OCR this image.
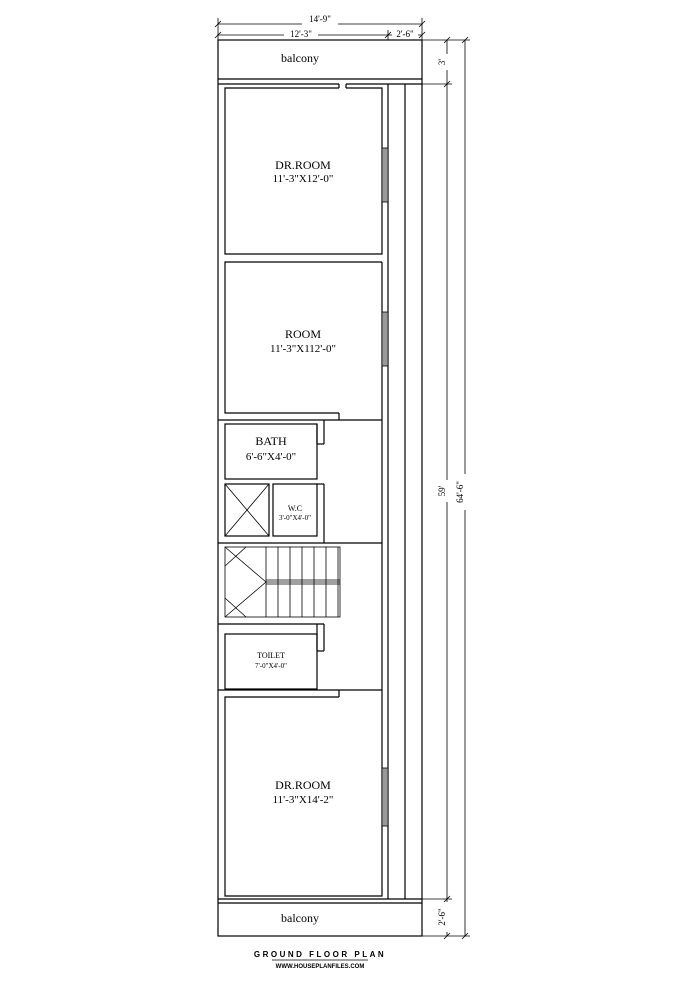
14'-9"
12'-3"	2'-6"
3'
59' 64'-6"
2'-6"
balcony
DR.ROOM
11'-3"X12'-0"
ROOM
11'-3"X112'-0"
BATH
6'-6"X4'-0"
W.C
3'-0"X4'-0"
TOILET
7'-0"X4'-0"
DR.ROOM
11'-3"X14'-2"
balcony
GROUND FLOOR PLAN
WWW.HOUSEPLANFILES.COM
